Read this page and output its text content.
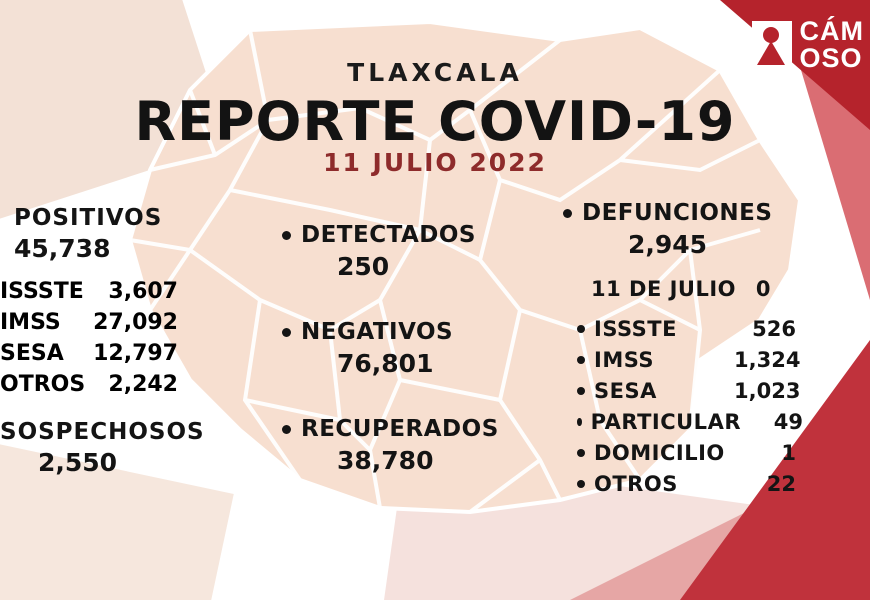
CÁM
OSO
TLAXCALA
REPORTE COVID-19
11 JULIO 2022
POSITIVOS
45,738
ISSSTE 3,607
IMSS 27,092
SESA 12,797
OTROS 2,242
SOSPECHOSOS
2,550
DETECTADOS
250
NEGATIVOS
76,801
RECUPERADOS
38,780
DEFUNCIONES
2,945
11 DE JULIO 0
ISSSTE	526
IMSS	1,324
SESA	1,023
PARTICULAR	49
DOMICILIO	1
OTROS	22
